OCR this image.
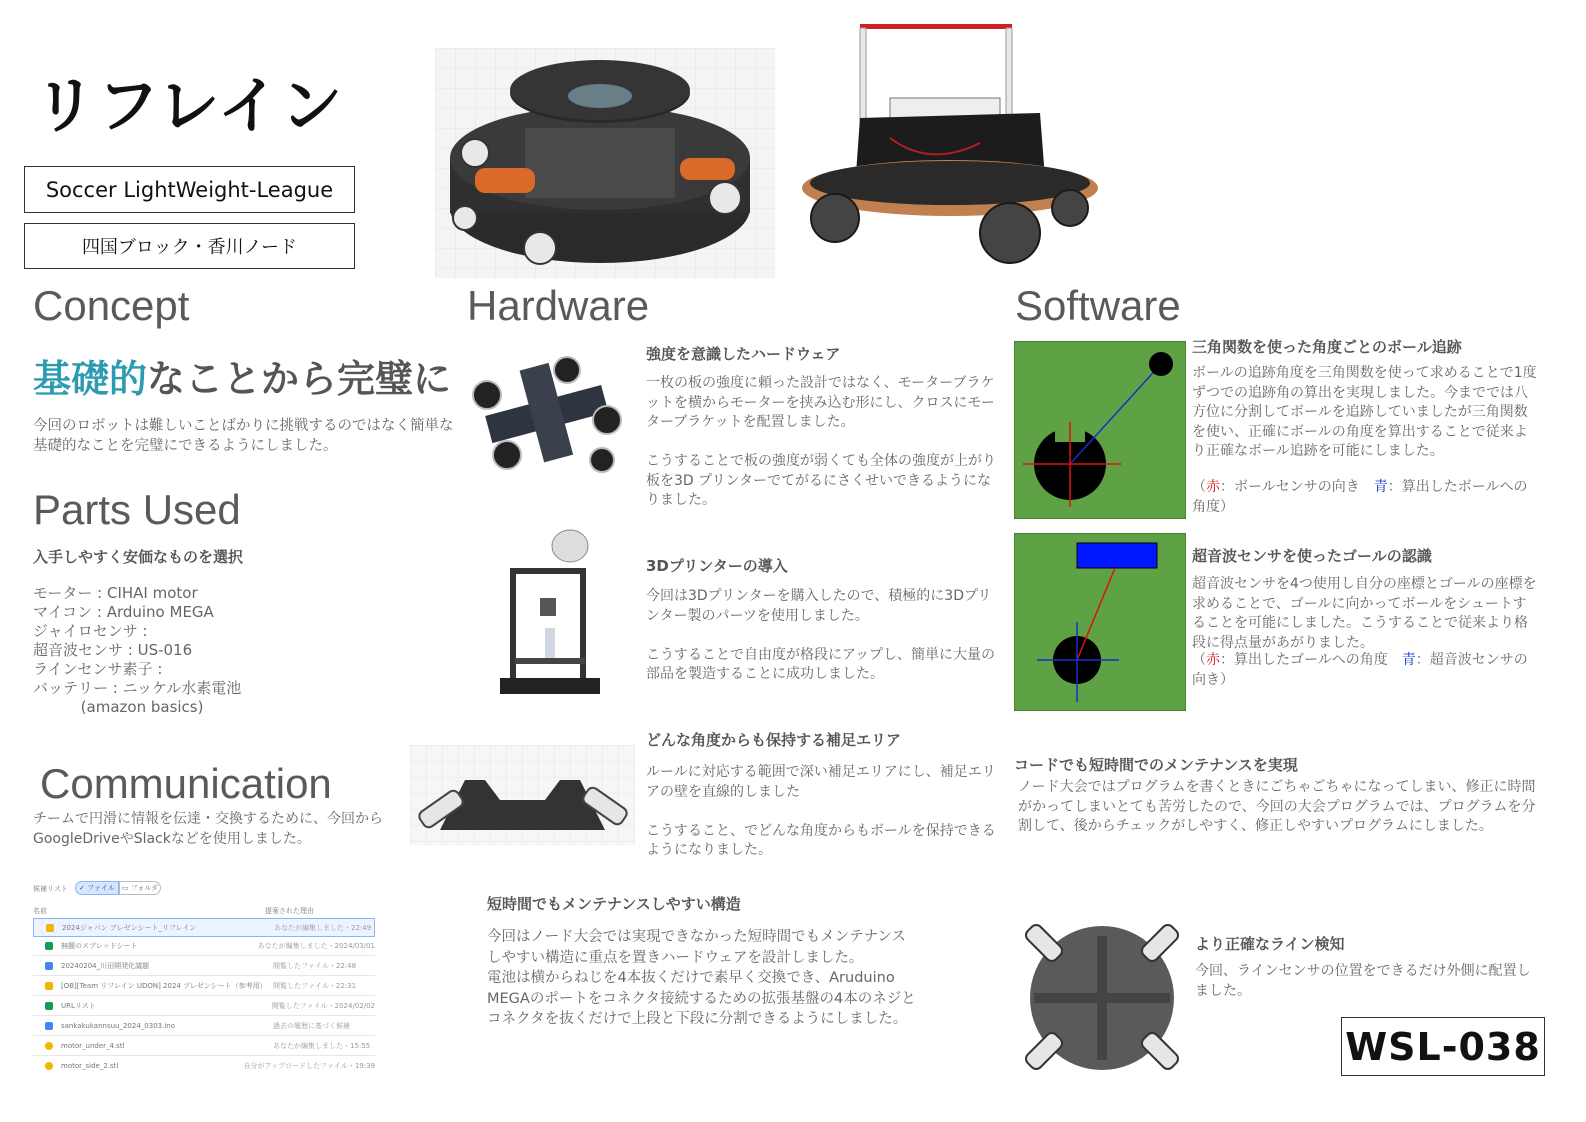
リフレイン
Soccer LightWeight-League
四国ブロック・香川ノード
Concept
基礎的なことから完璧に
今回のロボットは難しいことばかりに挑戦するのではなく簡単な基礎的なことを完璧にできるようにしました。
Parts Used
入手しやすく安価なものを選択
モーター : CIHAI motor
マイコン : Arduino MEGA
ジャイロセンサ :
超音波センサ : US-016
ラインセンサ素子 :
バッテリー : ニッケル水素電池
(amazon basics)
Communication
チームで円滑に情報を伝達・交換するために、今回からGoogleDriveやSlackなどを使用しました。
候補リスト ✓ ファイル ▭ フォルダ
名前	提案された理由
2024ジャパン プレゼンシート_リフレイン	あなたが編集しました・22:49
無題のスプレッドシート	あなたが編集しました・2024/03/01
20240204_川田開発化議題	開覧したファイル・22:48
[OB][Team リフレイン UDON] 2024 プレゼンシート（参考用） 開覧したファイル・22:31
URLリスト	開覧したファイル・2024/02/02
sankakukannsuu_2024_0303.ino	過去の履歴に基づく候補
motor_under_4.stl	あなたが編集しました・15:55
motor_side_2.stl	自分がアップロードしたファイル・19:39
Hardware
強度を意識したハードウェア
一枚の板の強度に頼った設計ではなく、モーターブラケットを横からモーターを挟み込む形にし、クロスにモーターブラケットを配置しました。

こうすることで板の強度が弱くても全体の強度が上がり板を3D プリンターでてがるにさくせいできるようになりました。
3Dプリンターの導入
今回は3Dプリンターを購入したので、積極的に3Dプリンター製のパーツを使用しました。

こうすることで自由度が格段にアップし、簡単に大量の部品を製造することに成功しました。
どんな角度からも保持する補足エリア
ルールに対応する範囲で深い補足エリアにし、補足エリアの壁を直線的しました

こうすること、でどんな角度からもボールを保持できるようになりました。
短時間でもメンテナンスしやすい構造
今回はノード大会では実現できなかった短時間でもメンテナンスしやすい構造に重点を置きハードウェアを設計しました。
電池は横からねじを4本抜くだけで素早く交換でき、Aruduino MEGAのポートをコネクタ接続するための拡張基盤の4本のネジとコネクタを抜くだけで上段と下段に分割できるようにしました。
Software
三角関数を使った角度ごとのボール追跡
ボールの追跡角度を三角関数を使って求めることで1度ずつでの追跡角の算出を実現しました。今まででは八方位に分割してボールを追跡していましたが三角関数を使い、正確にボールの角度を算出することで従来より正確なボール追跡を可能にしました。
（赤：ボールセンサの向き　青：算出したボールへの角度）
超音波センサを使ったゴールの認識
超音波センサを4つ使用し自分の座標とゴールの座標を求めることで、ゴールに向かってボールをシュートすることを可能にしました。こうすることで従来より格段に得点量があがりました。
（赤：算出したゴールへの角度　青：超音波センサの向き）
コードでも短時間でのメンテナンスを実現
ノード大会ではプログラムを書くときにごちゃごちゃになってしまい、修正に時間がかってしまいとても苦労したので、今回の大会プログラムでは、プログラムを分割して、後からチェックがしやすく、修正しやすいプログラムにしました。
より正確なライン検知
今回、ラインセンサの位置をできるだけ外側に配置しました。
WSL-038
